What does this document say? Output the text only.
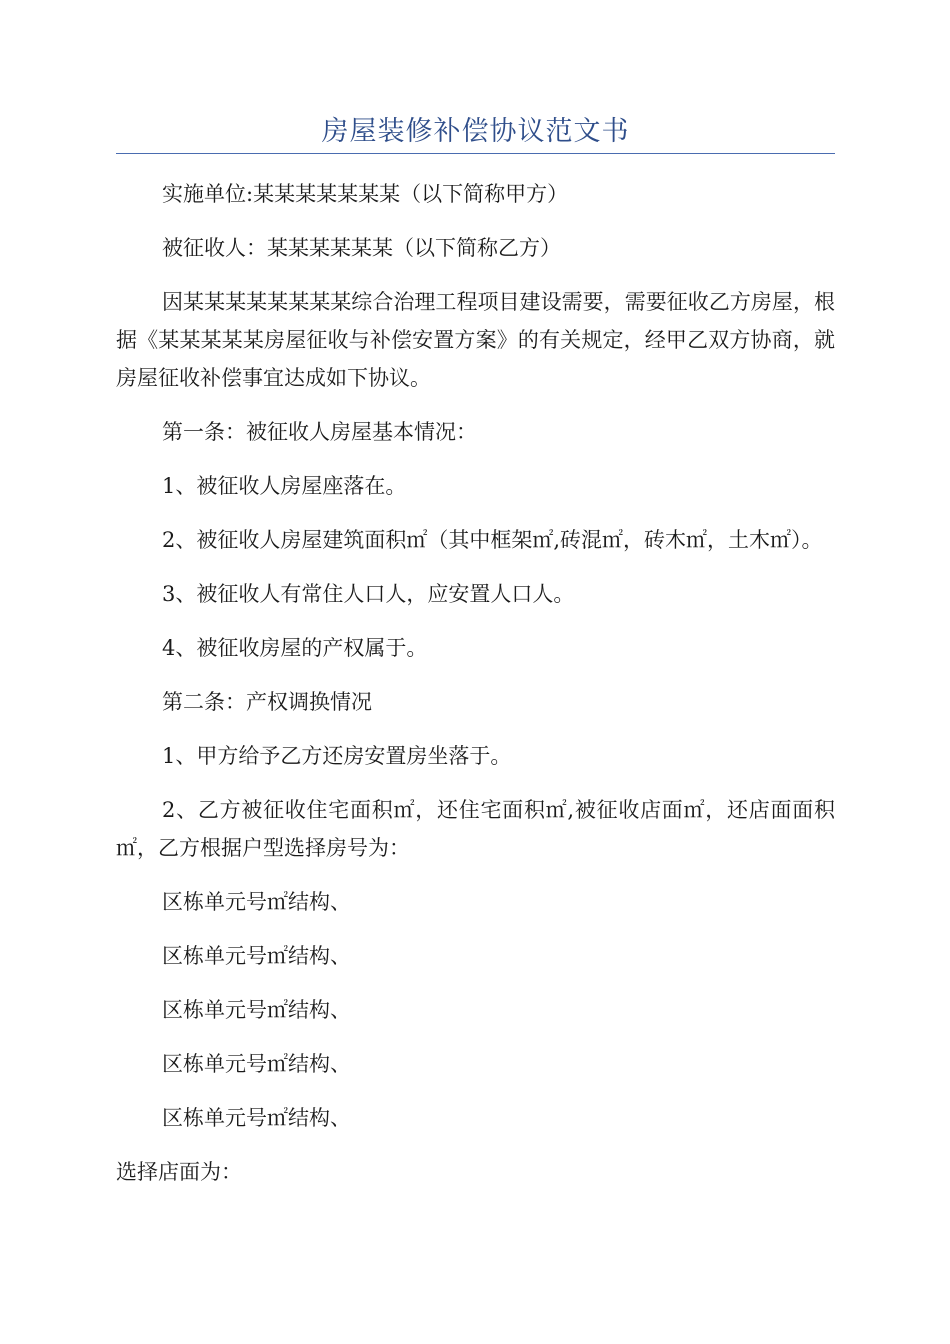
房屋装修补偿协议范文书

实施单位:某某某某某某某（以下简称甲方）

被征收人：某某某某某某（以下简称乙方）

因某某某某某某某某综合治理工程项目建设需要，需要征收乙方房屋，根据《某某某某某房屋征收与补偿安置方案》的有关规定，经甲乙双方协商，就房屋征收补偿事宜达成如下协议。

第一条：被征收人房屋基本情况：

1、被征收人房屋座落在。

2、被征收人房屋建筑面积㎡（其中框架㎡,砖混㎡，砖木㎡，土木㎡）。

3、被征收人有常住人口人，应安置人口人。

4、被征收房屋的产权属于。

第二条：产权调换情况

1、甲方给予乙方还房安置房坐落于。

2、乙方被征收住宅面积㎡，还住宅面积㎡,被征收店面㎡，还店面面积㎡，乙方根据户型选择房号为：

区栋单元号㎡结构、

区栋单元号㎡结构、

区栋单元号㎡结构、

区栋单元号㎡结构、

区栋单元号㎡结构、

选择店面为：
